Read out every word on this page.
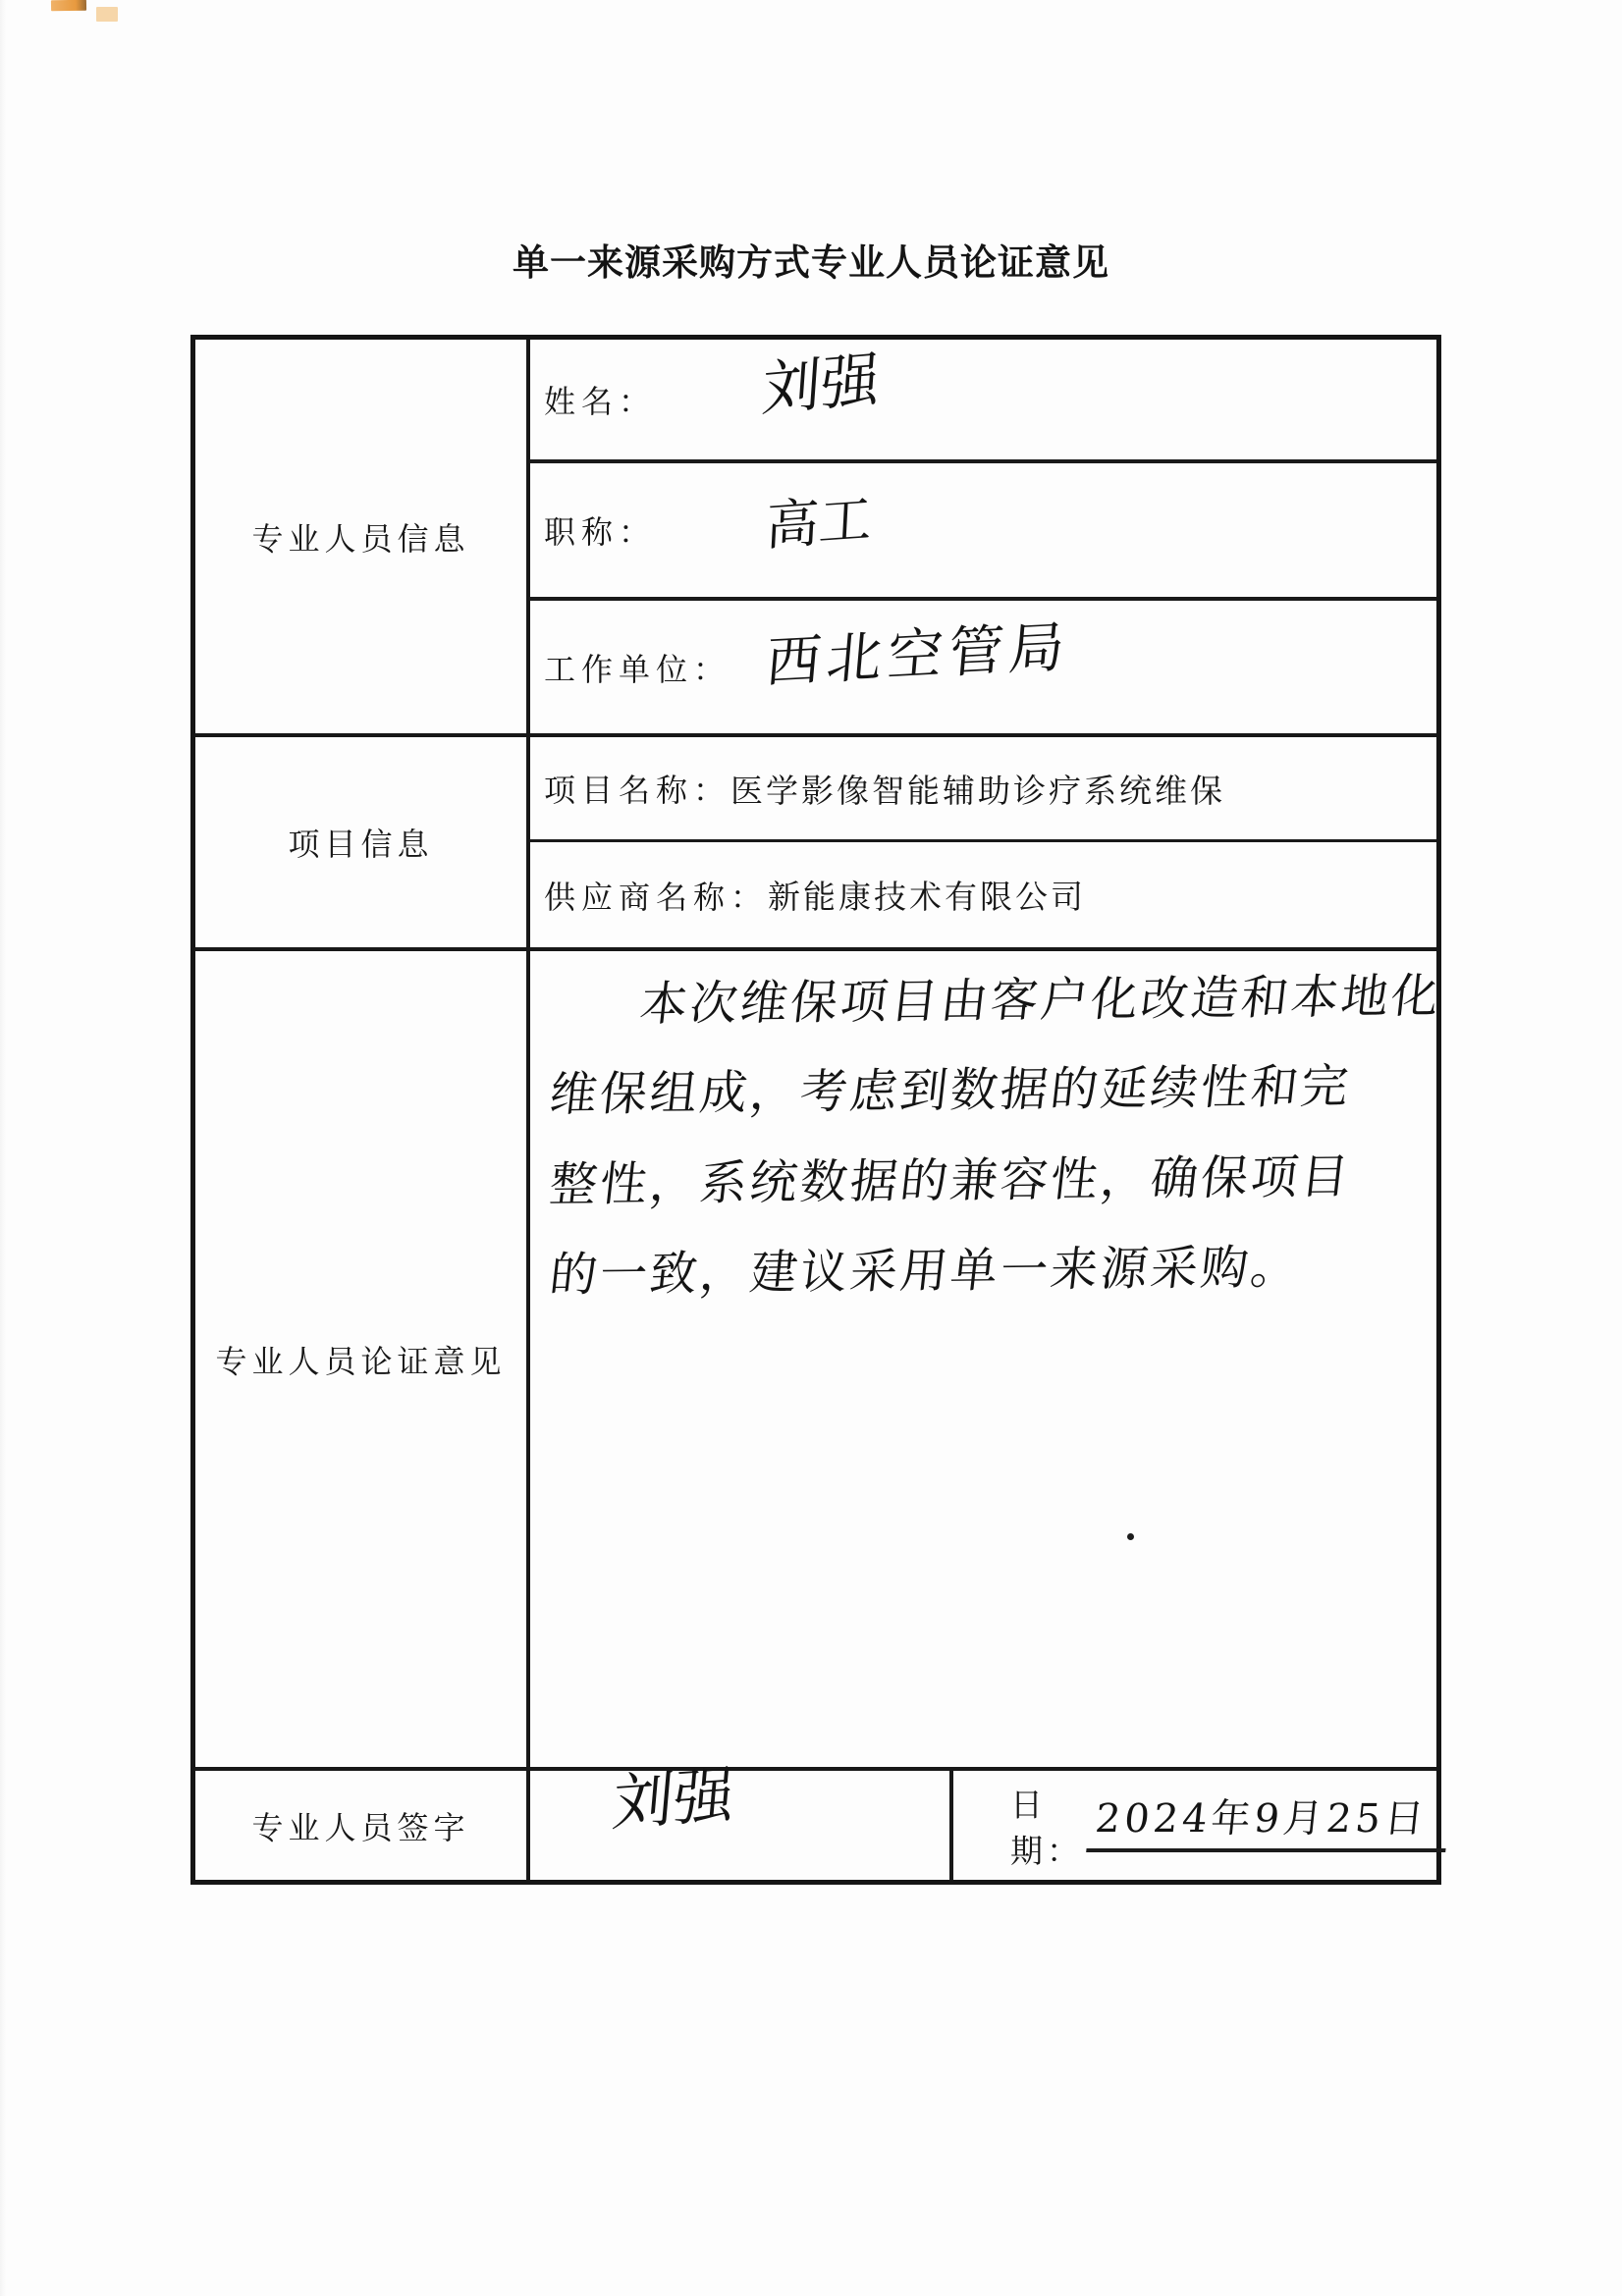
单一来源采购方式专业人员论证意见
专业人员信息
姓名： 刘强
职称： 高工
工作单位： 西北空管局
项目信息
项目名称： 医学影像智能辅助诊疗系统维保
供应商名称： 新能康技术有限公司
专业人员论证意见
本次维保项目由客户化改造和本地化
维保组成，考虑到数据的延续性和完
整性，系统数据的兼容性，确保项目
的一致，建议采用单一来源采购。
专业人员签字 刘强	日期：
2024年9月25日
